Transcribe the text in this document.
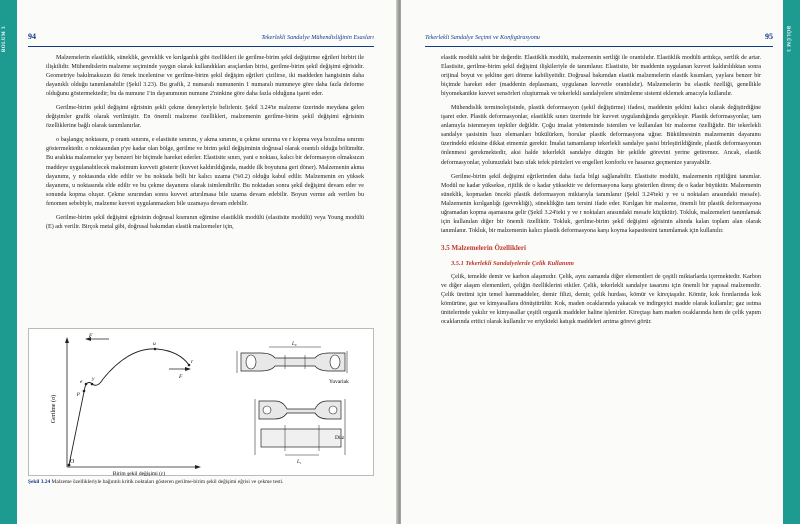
BÖLÜM 3	94	Tekerlekli Sandalye Mühendisliğinin Esasları

Malzemelerin elastiklik, süneklik, gevreklik ve kırılganlık gibi özellikleri ile gerilme-birim şekil değiştirme eğrileri birbiri ile ilişkilidir. Mühendislerin malzeme seçiminde yaygın olarak kullandıkları araçlardan birisi, gerilme-birim şekil değişimi eğrisidir. Geometriye bakılmaksızın iki örnek incelenirse ve gerilme-birim şekil değişim eğrileri çizilirse, iki maddeden hangisinin daha dayanıklı olduğu tanımlanabilir (Şekil 3.23). Bu grafik, 2 numaralı numunenin 1 numaralı numuneye göre daha fazla deforme olduğunu göstermektedir; bu da numune 1'in dayanımının numune 2'ninkine göre daha fazla olduğuna işaret eder.

Gerilme-birim şekil değişimi eğrisinin şekli çekme deneyleriyle belirlenir. Şekil 3.24'te malzeme üzerinde meydana gelen değişimler grafik olarak verilmiştir. En önemli malzeme özellikleri, malzemenin gerilme-birim şekil değişimi eğrisinin özelliklerine bağlı olarak tanımlanırlar.

o başlangıç noktasını, p orantı sınırını, e elastisite sınırını, y akma sınırını, u çekme sınırına ve r kopma veya bozulma sınırını göstermektedir. o noktasından p'ye kadar olan bölge, gerilme ve birim şekil değişiminin doğrusal olarak orantılı olduğu bölümdür. Bu aralıkta malzemeler yay benzeri bir biçimde hareket ederler. Elastisite sınırı, yani e noktası, kalıcı bir deformasyon olmaksızın maddeye uygulanabilecek maksimum kuvveti gösterir (kuvvet kaldırıldığında, madde ilk boyutuna geri döner). Malzemenin akma dayanımı, y noktasında elde edilir ve bu noktada belli bir kalıcı uzama (%0.2) olduğu kabul edilir. Malzemenin en yüksek dayanımı, u noktasında elde edilir ve bu çekme dayanımı olarak isimlendirilir. Bu noktadan sonra şekil değişimi devam eder ve sonunda kopma oluşur. Çekme sınırından sonra kuvvet artırılmasa bile uzama devam edebilir. Boyun verme adı verilen bu fenomen sebebiyle, malzeme kuvvet uygulanmazken bile uzamaya devam edebilir.

Gerilme-birim şekil değişimi eğrisinin doğrusal kısmının eğimine elastiklik modülü (elastisite modülü) veya Young modülü (E) adı verilir. Birçok metal gibi, doğrusal bakımdan elastik malzemeler için,

Gerilme (σ)
Birim şekil değişimi (ε)
O
p
e y
u
r
F
F
L₀
Yuvarlak
L₁
Düz
Şekil 3.24 Malzeme özellikleriyle bağıntılı kritik noktaları gösteren gerilme-birim şekil değişimi eğrisi ve çekme testi.
BÖLÜM 3
Tekerlekli Sandalye Seçimi ve Konfigürasyonu	95

elastik modülü sabit bir değerdir. Elastiklik modülü, malzemenin sertliği ile orantılıdır. Elastiklik modülü arttıkça, sertlik de artar. Elastisite, gerilme-birim şekil değişimi ilişkileriyle de tanımlanır. Elastisite, bir maddenin uygulanan kuvvet kaldırıldıktan sonra orijinal boyut ve şekline geri dönme kabiliyetidir. Doğrusal bakımdan elastik malzemelerin elastik kısımları, yaylara benzer bir biçimde hareket eder (maddenin deplasmanı, uygulanan kuvvetle orantılıdır). Malzemelerin bu elastik özelliği, genellikle biyomekanikte kuvvet sensörleri oluşturmak ve tekerlekli sandalyelere sönümleme sistemi eklemek amacıyla kullanılır.

Mühendislik terminolojisinde, plastik deformasyon (şekil değiştirme) ifadesi, maddenin şeklini kalıcı olarak değiştirdiğine işaret eder. Plastik deformasyonlar, elastiklik sınırı üzerinde bir kuvvet uygulandığında gerçekleşir. Plastik deformasyonlar, tam anlamıyla istenmeyen tepkiler değildir. Çoğu imalat yönteminde istenilen ve kullanılan bir malzeme özelliğidir. Bir tekerlekli sandalye şasisinin bazı elemanları bükülürken, borular plastik deformasyona uğrar. Bükülmesinin malzemenin dayanımı üzerindeki etkisine dikkat etmemiz gerekir. İmalat tamamlanıp tekerlekli sandalye şasisi birleştirildiğinde, plastik deformasyonun önlenmesi gerekmektedir, aksi halde tekerlekli sandalye düzgün bir şekilde görevini yerine getiremez. Ancak, elastik deformasyonlar, yolunuzdaki bazı ufak tefek pürüzleri ve engelleri konforlu ve hasarsız geçmenize yarayabilir.

Gerilme-birim şekil değişimi eğrilerinden daha fazla bilgi sağlanabilir. Elastisite modülü, malzemenin rijitliğini tanımlar. Modül ne kadar yüksekse, rijitlik de o kadar yüksektir ve deformasyona karşı gösterilen direnç de o kadar büyüktür. Malzemenin süneklik, kopmadan önceki plastik deformasyon miktarıyla tanımlanır (Şekil 3.24'teki y ve u noktaları arasındaki mesafe). Malzemenin kırılganlığı (gevrekliği), süneklikğin tam tersini ifade eder. Kırılgan bir malzeme, önemli bir plastik deformasyona uğramadan kopma aşamasına gelir (Şekil 3.24'teki y ve r noktaları arasındaki mesafe küçüktür). Tokluk, malzemeleri tanımlamak için kullanılan diğer bir önemli özelliktir. Tokluk, gerilme-birim şekil değişimi eğrisinin altında kalan toplam alan olarak tanımlanır. Tokluk, bir malzemenin kalıcı plastik deformasyona karşı koyma kapasitesini tanımlamak için kullanılır.

3.5 Malzemelerin Özellikleri

3.5.1 Tekerlekli Sandalyelerde Çelik Kullanımı

Çelik, temelde demir ve karbon alaşımıdır. Çelik, aynı zamanda diğer elementleri de çeşitli miktarlarda içermektedir. Karbon ve diğer alaşım elementleri, çeliğin özelliklerini etkiler. Çelik, tekerlekli sandalye tasarımı için önemli bir yapısal malzemedir. Çelik üretimi için temel hammaddeler, demir filizi, demir, çelik hurdası, kömür ve kireçtaşıdır. Kömür, kok fırınlarında kok kömürüne, gaz ve kimyasallara dönüştürülür. Kok, maden ocaklarında yakacak ve indirgeyici madde olarak kullanılır; gaz ısıtma ünitelerinde yakılır ve kimyasallar çeşitli organik maddeler haline işlenirler. Kireçtaşı ham maden ocaklarında hem de çelik yapım ocaklarında eritici olarak kullanılır ve eriyikteki katışık maddeleri arıtma görevi görür.
